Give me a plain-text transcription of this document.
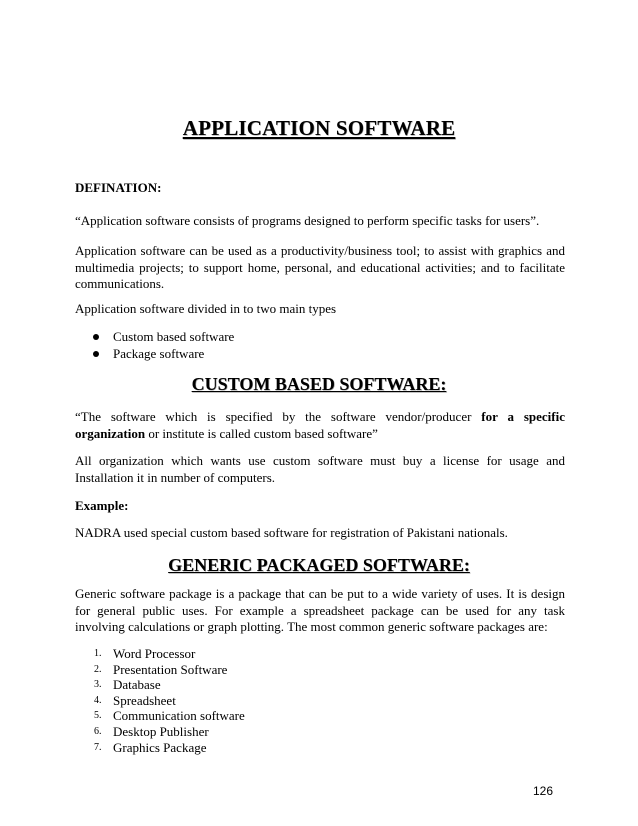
APPLICATION SOFTWARE
DEFINATION:

“Application software consists of programs designed to perform specific tasks for users”.

Application software can be used as a productivity/business tool; to assist with graphics and multimedia projects; to support home, personal, and educational activities; and to facilitate communications.

Application software divided in to two main types

Custom based software
Package software
CUSTOM BASED SOFTWARE:

“The software which is specified by the software vendor/producer for a specific organization or institute is called custom based software”

All organization which wants use custom software must buy a license for usage and Installation it in number of computers.

Example:

NADRA used special custom based software for registration of Pakistani nationals.

GENERIC PACKAGED SOFTWARE:

Generic software package is a package that can be put to a wide variety of uses. It is design for general public uses. For example a spreadsheet package can be used for any task involving calculations or graph plotting. The most common generic software packages are:

1. Word Processor
2. Presentation Software
3. Database
4. Spreadsheet
5. Communication software
6. Desktop Publisher
7. Graphics Package
126
